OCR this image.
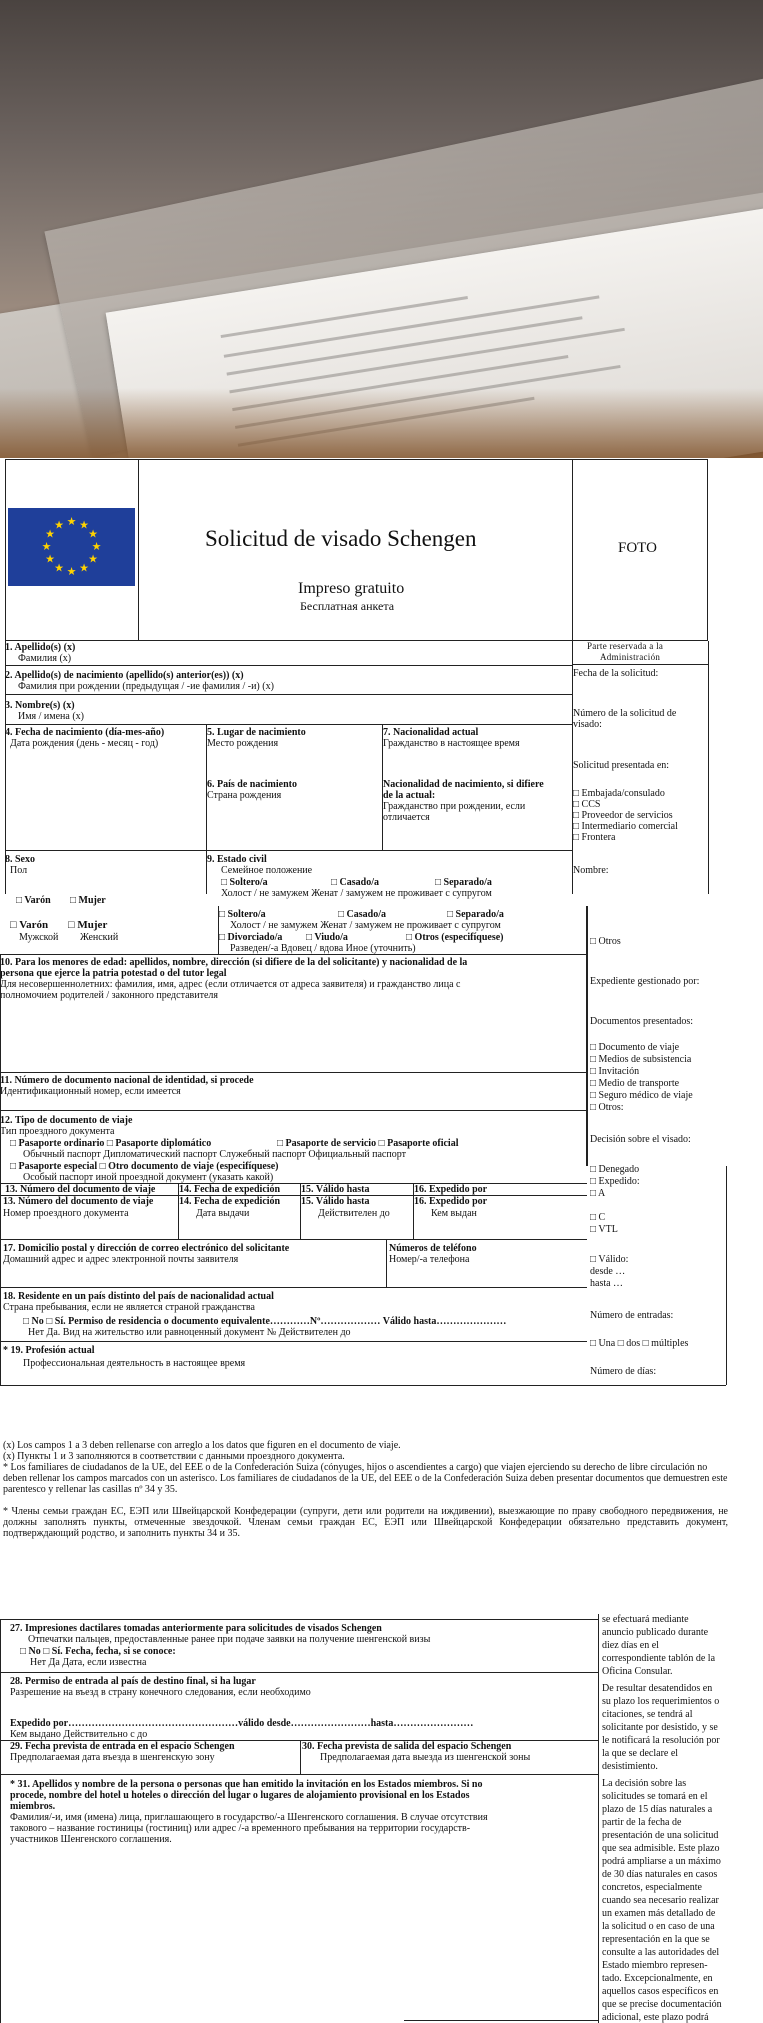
★ ★
★
★
★
★
★
★
★
★
★
★
Solicitud de visado Schengen
Impreso gratuito
Бесплатная анкета
FOTO
1. Apellido(s) (x)
Фамилия (х)
2. Apellido(s) de nacimiento (apellido(s) anterior(es)) (x)
Фамилия при рождении (предыдущая / -ие фамилия / -и) (х)
3. Nombre(s) (x)
Имя / имена (х)
4. Fecha de nacimiento (día-mes-año)
Дата рождения (день - месяц - год)
5. Lugar de nacimiento
Место рождения
6. País de nacimiento
Страна рождения
7. Nacionalidad actual
Гражданство в настоящее время
Nacionalidad de nacimiento, si difiere
de la actual:
Гражданство при рождении, если
отличается
8. Sexo
Пол
□ Varón □ Mujer
9. Estado civil
Семейное положение
□ Soltero/a	□ Casado/a	□ Separado/a
Холост / не замужем Женат / замужем не проживает с супругом
Parte reservada a la
Administración
Fecha de la solicitud:
Número de la solicitud de
visado:
Solicitud presentada en:
□ Embajada/consulado
□ CCS
□ Proveedor de servicios
□ Intermediario comercial
□ Frontera
Nombre:
□ Varón □ Mujer
Мужской Женский
□ Soltero/a	□ Casado/a	□ Separado/a
Холост / не замужем Женат / замужем не проживает с супругом
□ Divorciado/a □ Viudo/a	□ Otros (especifíquese)
Разведен/-а Вдовец / вдова Иное (уточнить)
10. Para los menores de edad: apellidos, nombre, dirección (si difiere de la del solicitante) y nacionalidad de la
persona que ejerce la patria potestad o del tutor legal
Для несовершеннолетних: фамилия, имя, адрес (если отличается от адреса заявителя) и гражданство лица с
полномочием родителей / законного представителя
11. Número de documento nacional de identidad, si procede
Идентификационный номер, если имеется
12. Tipo de documento de viaje
Тип проездного документа
□ Pasaporte ordinario □ Pasaporte diplomático	□ Pasaporte de servicio □ Pasaporte oficial
Обычный паспорт Дипломатический паспорт Служебный паспорт Официальный паспорт
□ Pasaporte especial □ Otro documento de viaje (especifíquese)
Особый паспорт иной проездной документ (указать какой)
13. Número del documento de viaje 14. Fecha de expedición 15. Válido hasta	16. Expedido por
13. Número del documento de viaje	14. Fecha de expedición 15. Válido hasta	16. Expedido por
Номер проездного документа	Дата выдачи	Действителен до	Кем выдан
17. Domicilio postal y dirección de correo electrónico del solicitante
Домашний адрес и адрес электронной почты заявителя
Números de teléfono
Номер/-а телефона
18. Residente en un país distinto del país de nacionalidad actual
Страна пребывания, если не является страной гражданства
□ No □ Sí. Permiso de residencia o documento equivalente…………Nº……………… Válido hasta…………………
Нет Да. Вид на жительство или равноценный документ № Действителен до
* 19. Profesión actual
Профессиональная деятельность в настоящее время
□ Otros
Expediente gestionado por:
Documentos presentados:
□ Documento de viaje
□ Medios de subsistencia
□ Invitación
□ Medio de transporte
□ Seguro médico de viaje
□ Otros:
Decisión sobre el visado:
□ Denegado
□ Expedido:
□ A
□ C
□ VTL
□ Válido:
desde …
hasta …
Número de entradas:
□ Una □ dos □ múltiples
Número de días:
(x) Los campos 1 a 3 deben rellenarse con arreglo a los datos que figuren en el documento de viaje.
(х) Пункты 1 и 3 заполняются в соответствии с данными проездного документа.
* Los familiares de ciudadanos de la UE, del EEE o de la Confederación Suiza (cónyuges, hijos o ascendientes a cargo) que viajen ejerciendo su derecho de libre circulación no deben rellenar los campos marcados con un asterisco. Los familiares de ciudadanos de la UE, del EEE o de la Confederación Suiza deben presentar documentos que demuestren este parentesco y rellenar las casillas nº 34 y 35.
* Члены семьи граждан ЕС, ЕЭП или Швейцарской Конфедерации (супруги, дети или родители на иждивении), выезжающие по праву свободного передвижения, не должны заполнять пункты, отмеченные звездочкой. Членам семьи граждан ЕС, ЕЭП или Швейцарской Конфедерации обязательно представить документ, подтверждающий родство, и заполнить пункты 34 и 35.
27. Impresiones dactilares tomadas anteriormente para solicitudes de visados Schengen
Отпечатки пальцев, предоставленные ранее при подаче заявки на получение шенгенской визы
□ No □ Sí. Fecha, fecha, si se conoce:
Нет Да Дата, если известна
28. Permiso de entrada al país de destino final, si ha lugar
Разрешение на въезд в страну конечного следования, если необходимо
Expedido por……………………………………………válido desde……………………hasta……………………
Кем выдано Действительно с до
29. Fecha prevista de entrada en el espacio Schengen
Предполагаемая дата въезда в шенгенскую зону
30. Fecha prevista de salida del espacio Schengen
Предполагаемая дата выезда из шенгенской зоны
* 31. Apellidos y nombre de la persona o personas que han emitido la invitación en los Estados miembros. Si no
procede, nombre del hotel u hoteles o dirección del lugar o lugares de alojamiento provisional en los Estados
miembros.
Фамилия/-и, имя (имена) лица, приглашающего в государство/-а Шенгенского соглашения. В случае отсутствия
такового – название гостиницы (гостиниц) или адрес /-а временного пребывания на территории государств-
участников Шенгенского соглашения.
se efectuará mediante
anuncio publicado durante
diez días en el
correspondiente tablón de la
Oficina Consular.
De resultar desatendidos en
su plazo los requerimientos o
citaciones, se tendrá al
solicitante por desistido, y se
le notificará la resolución por
la que se declare el
desistimiento.
La decisión sobre las
solicitudes se tomará en el
plazo de 15 días naturales a
partir de la fecha de
presentación de una solicitud
que sea admisible. Este plazo
podrá ampliarse a un máximo
de 30 días naturales en casos
concretos, especialmente
cuando sea necesario realizar
un examen más detallado de
la solicitud o en caso de una
representación en la que se
consulte a las autoridades del
Estado miembro represen-
tado. Excepcionalmente, en
aquellos casos específicos en
que se precise documentación
adicional, este plazo podrá
